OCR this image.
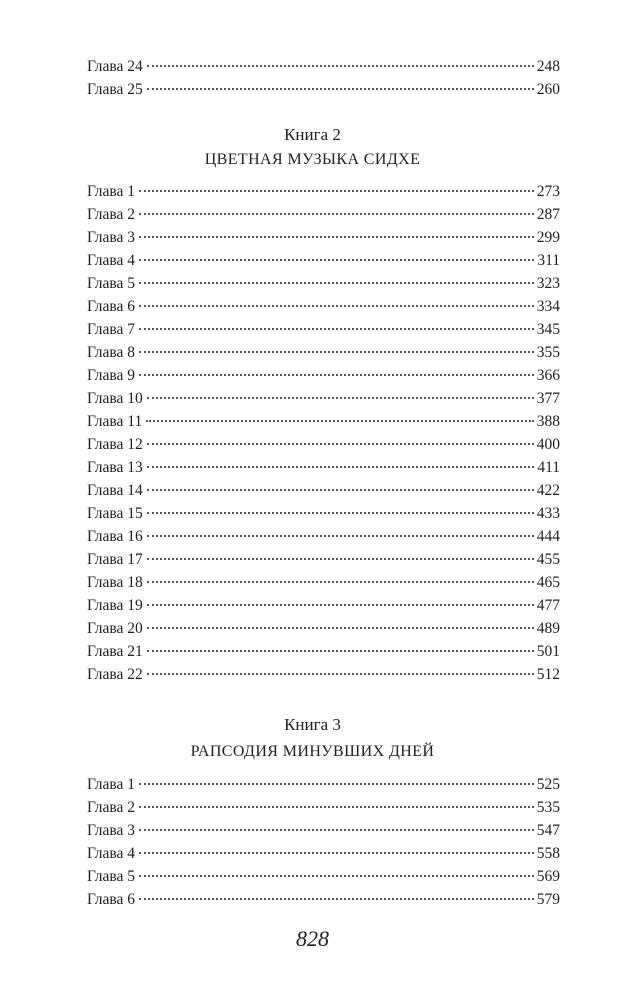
Глава 24	248
Глава 25	260
Книга 2
ЦВЕТНАЯ МУЗЫКА СИДХЕ
Глава 1	273
Глава 2	287
Глава 3	299
Глава 4	311
Глава 5	323
Глава 6	334
Глава 7	345
Глава 8	355
Глава 9	366
Глава 10	377
Глава 11	388
Глава 12	400
Глава 13	411
Глава 14	422
Глава 15	433
Глава 16	444
Глава 17	455
Глава 18	465
Глава 19	477
Глава 20	489
Глава 21	501
Глава 22	512
Книга 3
РАПСОДИЯ МИНУВШИХ ДНЕЙ
Глава 1	525
Глава 2	535
Глава 3	547
Глава 4	558
Глава 5	569
Глава 6	579
828
